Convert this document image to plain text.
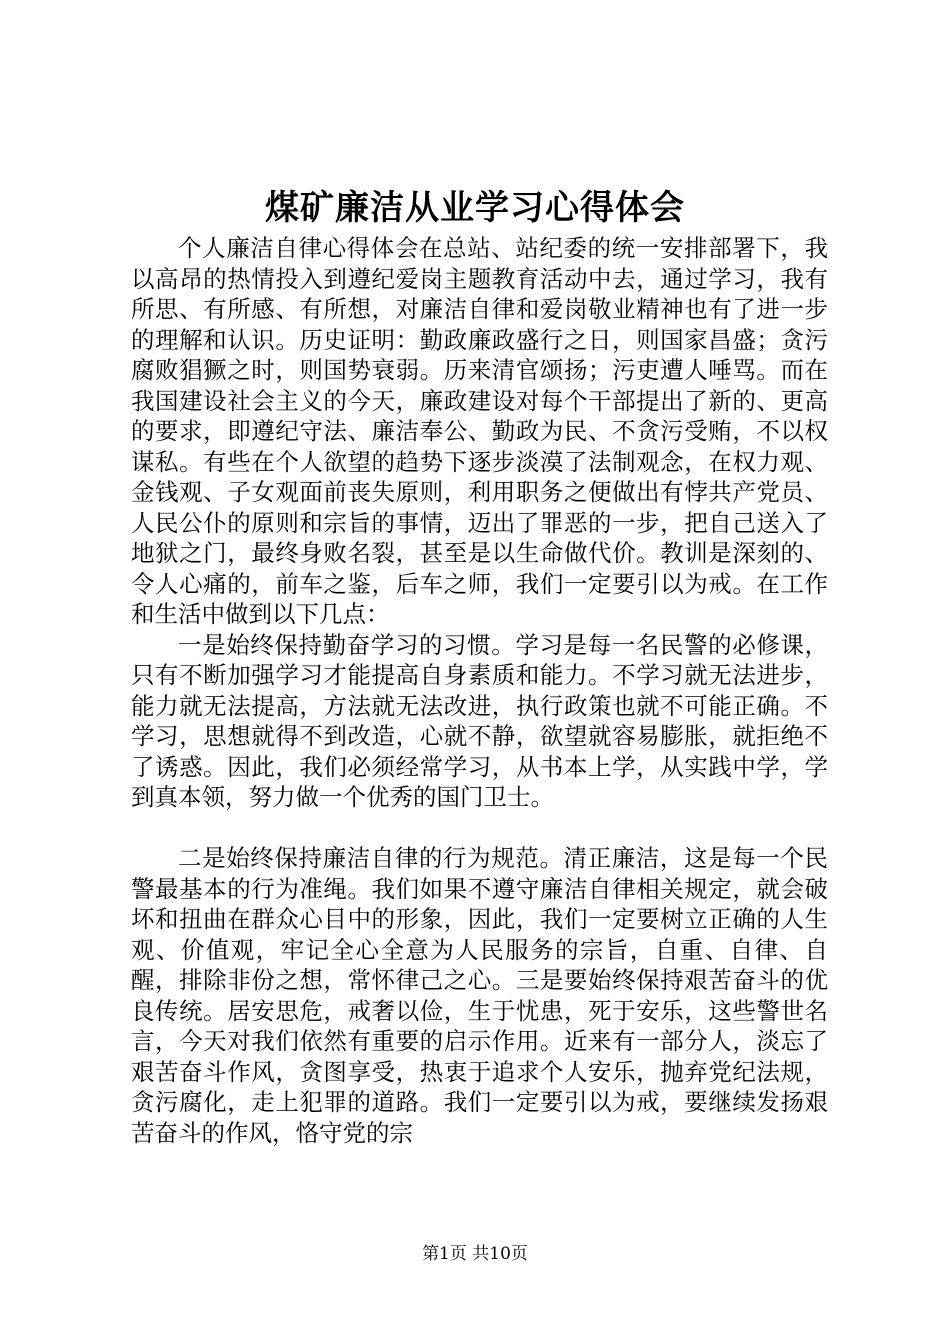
煤矿廉洁从业学习心得体会

个人廉洁自律心得体会在总站、站纪委的统一安排部署下，我以高昂的热情投入到遵纪爱岗主题教育活动中去，通过学习，我有所思、有所感、有所想，对廉洁自律和爱岗敬业精神也有了进一步的理解和认识。历史证明：勤政廉政盛行之日，则国家昌盛；贪污腐败猖獗之时，则国势衰弱。历来清官颂扬；污吏遭人唾骂。而在我国建设社会主义的今天，廉政建设对每个干部提出了新的、更高的要求，即遵纪守法、廉洁奉公、勤政为民、不贪污受贿，不以权谋私。有些在个人欲望的趋势下逐步淡漠了法制观念，在权力观、金钱观、子女观面前丧失原则，利用职务之便做出有悖共产党员、人民公仆的原则和宗旨的事情，迈出了罪恶的一步，把自己送入了地狱之门，最终身败名裂，甚至是以生命做代价。教训是深刻的、令人心痛的，前车之鉴，后车之师，我们一定要引以为戒。在工作和生活中做到以下几点：

一是始终保持勤奋学习的习惯。学习是每一名民警的必修课，只有不断加强学习才能提高自身素质和能力。不学习就无法进步，能力就无法提高，方法就无法改进，执行政策也就不可能正确。不学习，思想就得不到改造，心就不静，欲望就容易膨胀，就拒绝不了诱惑。因此，我们必须经常学习，从书本上学，从实践中学，学到真本领，努力做一个优秀的国门卫士。

二是始终保持廉洁自律的行为规范。清正廉洁，这是每一个民警最基本的行为准绳。我们如果不遵守廉洁自律相关规定，就会破坏和扭曲在群众心目中的形象，因此，我们一定要树立正确的人生观、价值观，牢记全心全意为人民服务的宗旨，自重、自律、自醒，排除非份之想，常怀律己之心。三是要始终保持艰苦奋斗的优良传统。居安思危，戒奢以俭，生于忧患，死于安乐，这些警世名言，今天对我们依然有重要的启示作用。近来有一部分人，淡忘了艰苦奋斗作风，贪图享受，热衷于追求个人安乐，抛弃党纪法规，贪污腐化，走上犯罪的道路。我们一定要引以为戒，要继续发扬艰苦奋斗的作风，恪守党的宗

第1页 共10页
